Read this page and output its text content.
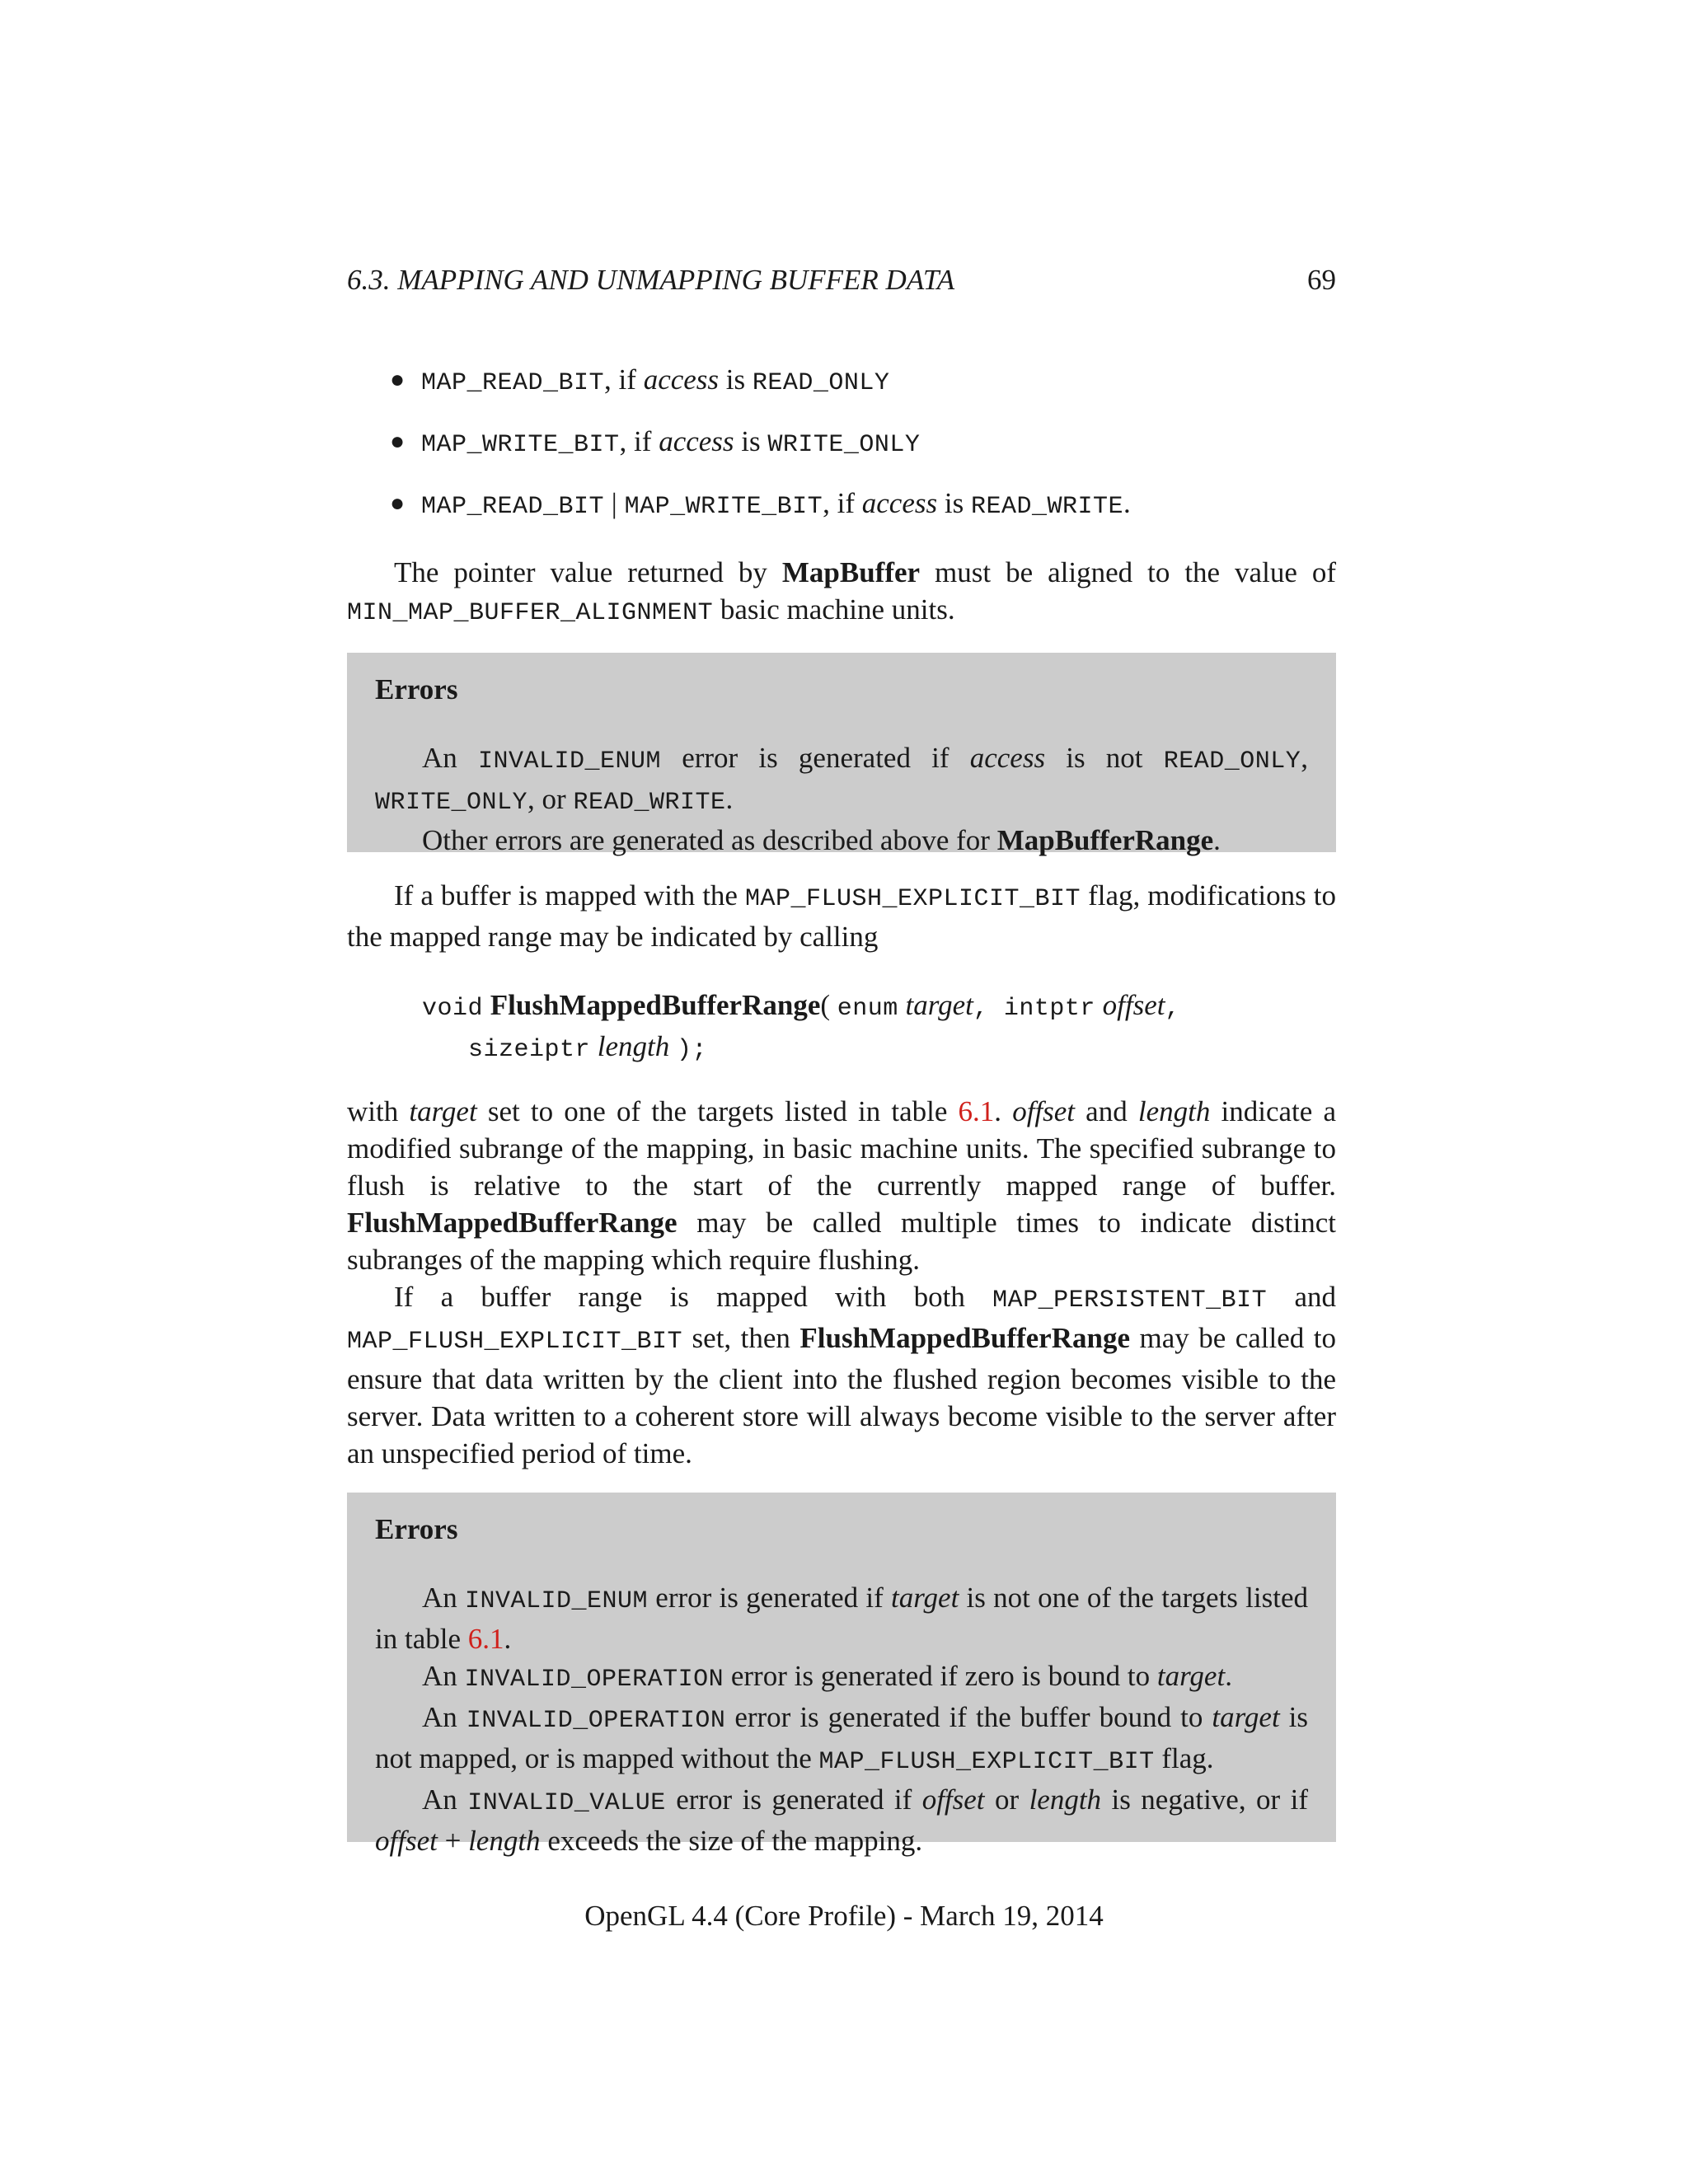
6.3. MAPPING AND UNMAPPING BUFFER DATA	69
● MAP_READ_BIT, if access is READ_ONLY
● MAP_WRITE_BIT, if access is WRITE_ONLY
● MAP_READ_BIT | MAP_WRITE_BIT, if access is READ_WRITE.
The pointer value returned by MapBuffer must be aligned to the value of MIN_MAP_BUFFER_ALIGNMENT basic machine units.
Errors

An INVALID_ENUM error is generated if access is not READ_ONLY, WRITE_ONLY, or READ_WRITE.

Other errors are generated as described above for MapBufferRange.

If a buffer is mapped with the MAP_FLUSH_EXPLICIT_BIT flag, modifications to the mapped range may be indicated by calling
void FlushMappedBufferRange( enum target, intptr offset,
sizeiptr length );
with target set to one of the targets listed in table 6.1. offset and length indicate a modified subrange of the mapping, in basic machine units. The specified subrange to flush is relative to the start of the currently mapped range of buffer. FlushMappedBufferRange may be called multiple times to indicate distinct subranges of the mapping which require flushing.
If a buffer range is mapped with both MAP_PERSISTENT_BIT and MAP_FLUSH_EXPLICIT_BIT set, then FlushMappedBufferRange may be called to ensure that data written by the client into the flushed region becomes visible to the server. Data written to a coherent store will always become visible to the server after an unspecified period of time.
Errors

An INVALID_ENUM error is generated if target is not one of the targets listed in table 6.1.

An INVALID_OPERATION error is generated if zero is bound to target.

An INVALID_OPERATION error is generated if the buffer bound to target is not mapped, or is mapped without the MAP_FLUSH_EXPLICIT_BIT flag.

An INVALID_VALUE error is generated if offset or length is negative, or if offset + length exceeds the size of the mapping.

OpenGL 4.4 (Core Profile) - March 19, 2014
